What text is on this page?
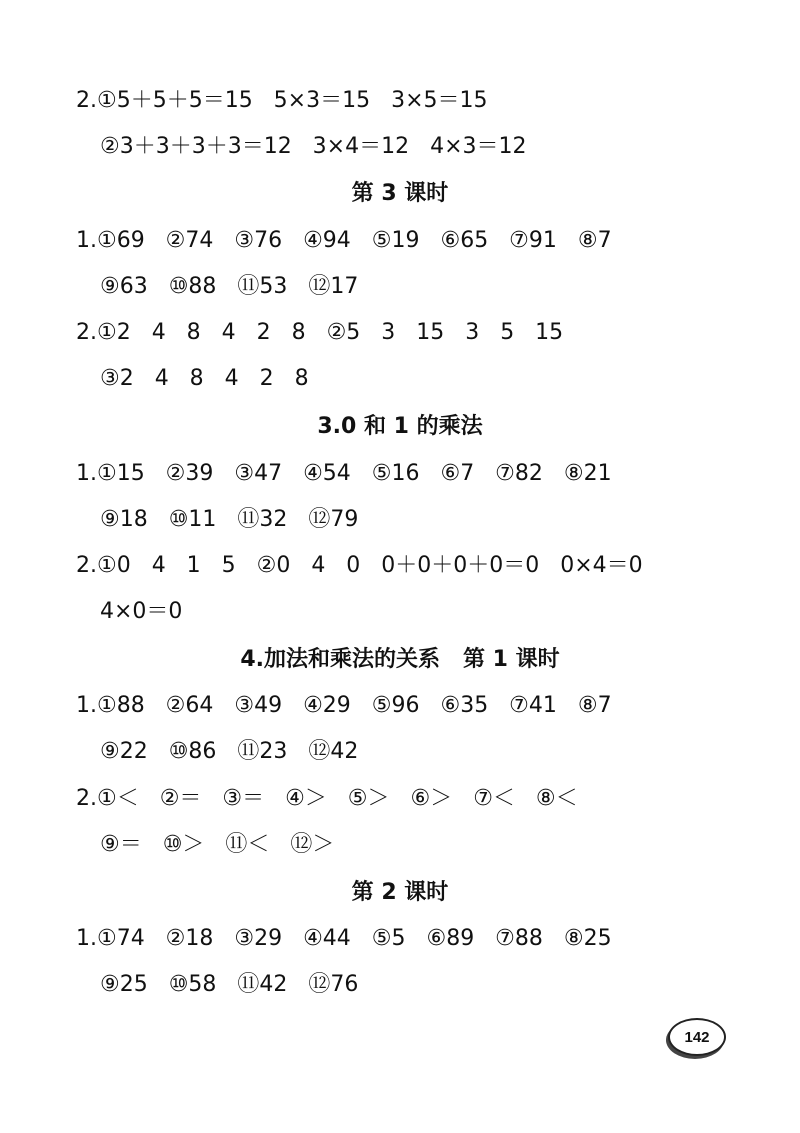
2.①5＋5＋5＝15   5×3＝15   3×5＝15
②3＋3＋3＋3＝12   3×4＝12   4×3＝12
第 3 课时
1.①69   ②74   ③76   ④94   ⑤19   ⑥65   ⑦91   ⑧7
⑨63   ⑩88   ⑪53   ⑫17
2.①2   4   8   4   2   8   ②5   3   15   3   5   15
③2   4   8   4   2   8
3.0 和 1 的乘法
1.①15   ②39   ③47   ④54   ⑤16   ⑥7   ⑦82   ⑧21
⑨18   ⑩11   ⑪32   ⑫79
2.①0   4   1   5   ②0   4   0   0＋0＋0＋0＝0   0×4＝0
4×0＝0
4.加法和乘法的关系   第 1 课时
1.①88   ②64   ③49   ④29   ⑤96   ⑥35   ⑦41   ⑧7
⑨22   ⑩86   ⑪23   ⑫42
2.①＜   ②＝   ③＝   ④＞   ⑤＞   ⑥＞   ⑦＜   ⑧＜
⑨＝   ⑩＞   ⑪＜   ⑫＞
第 2 课时
1.①74   ②18   ③29   ④44   ⑤5   ⑥89   ⑦88   ⑧25
⑨25   ⑩58   ⑪42   ⑫76
142
